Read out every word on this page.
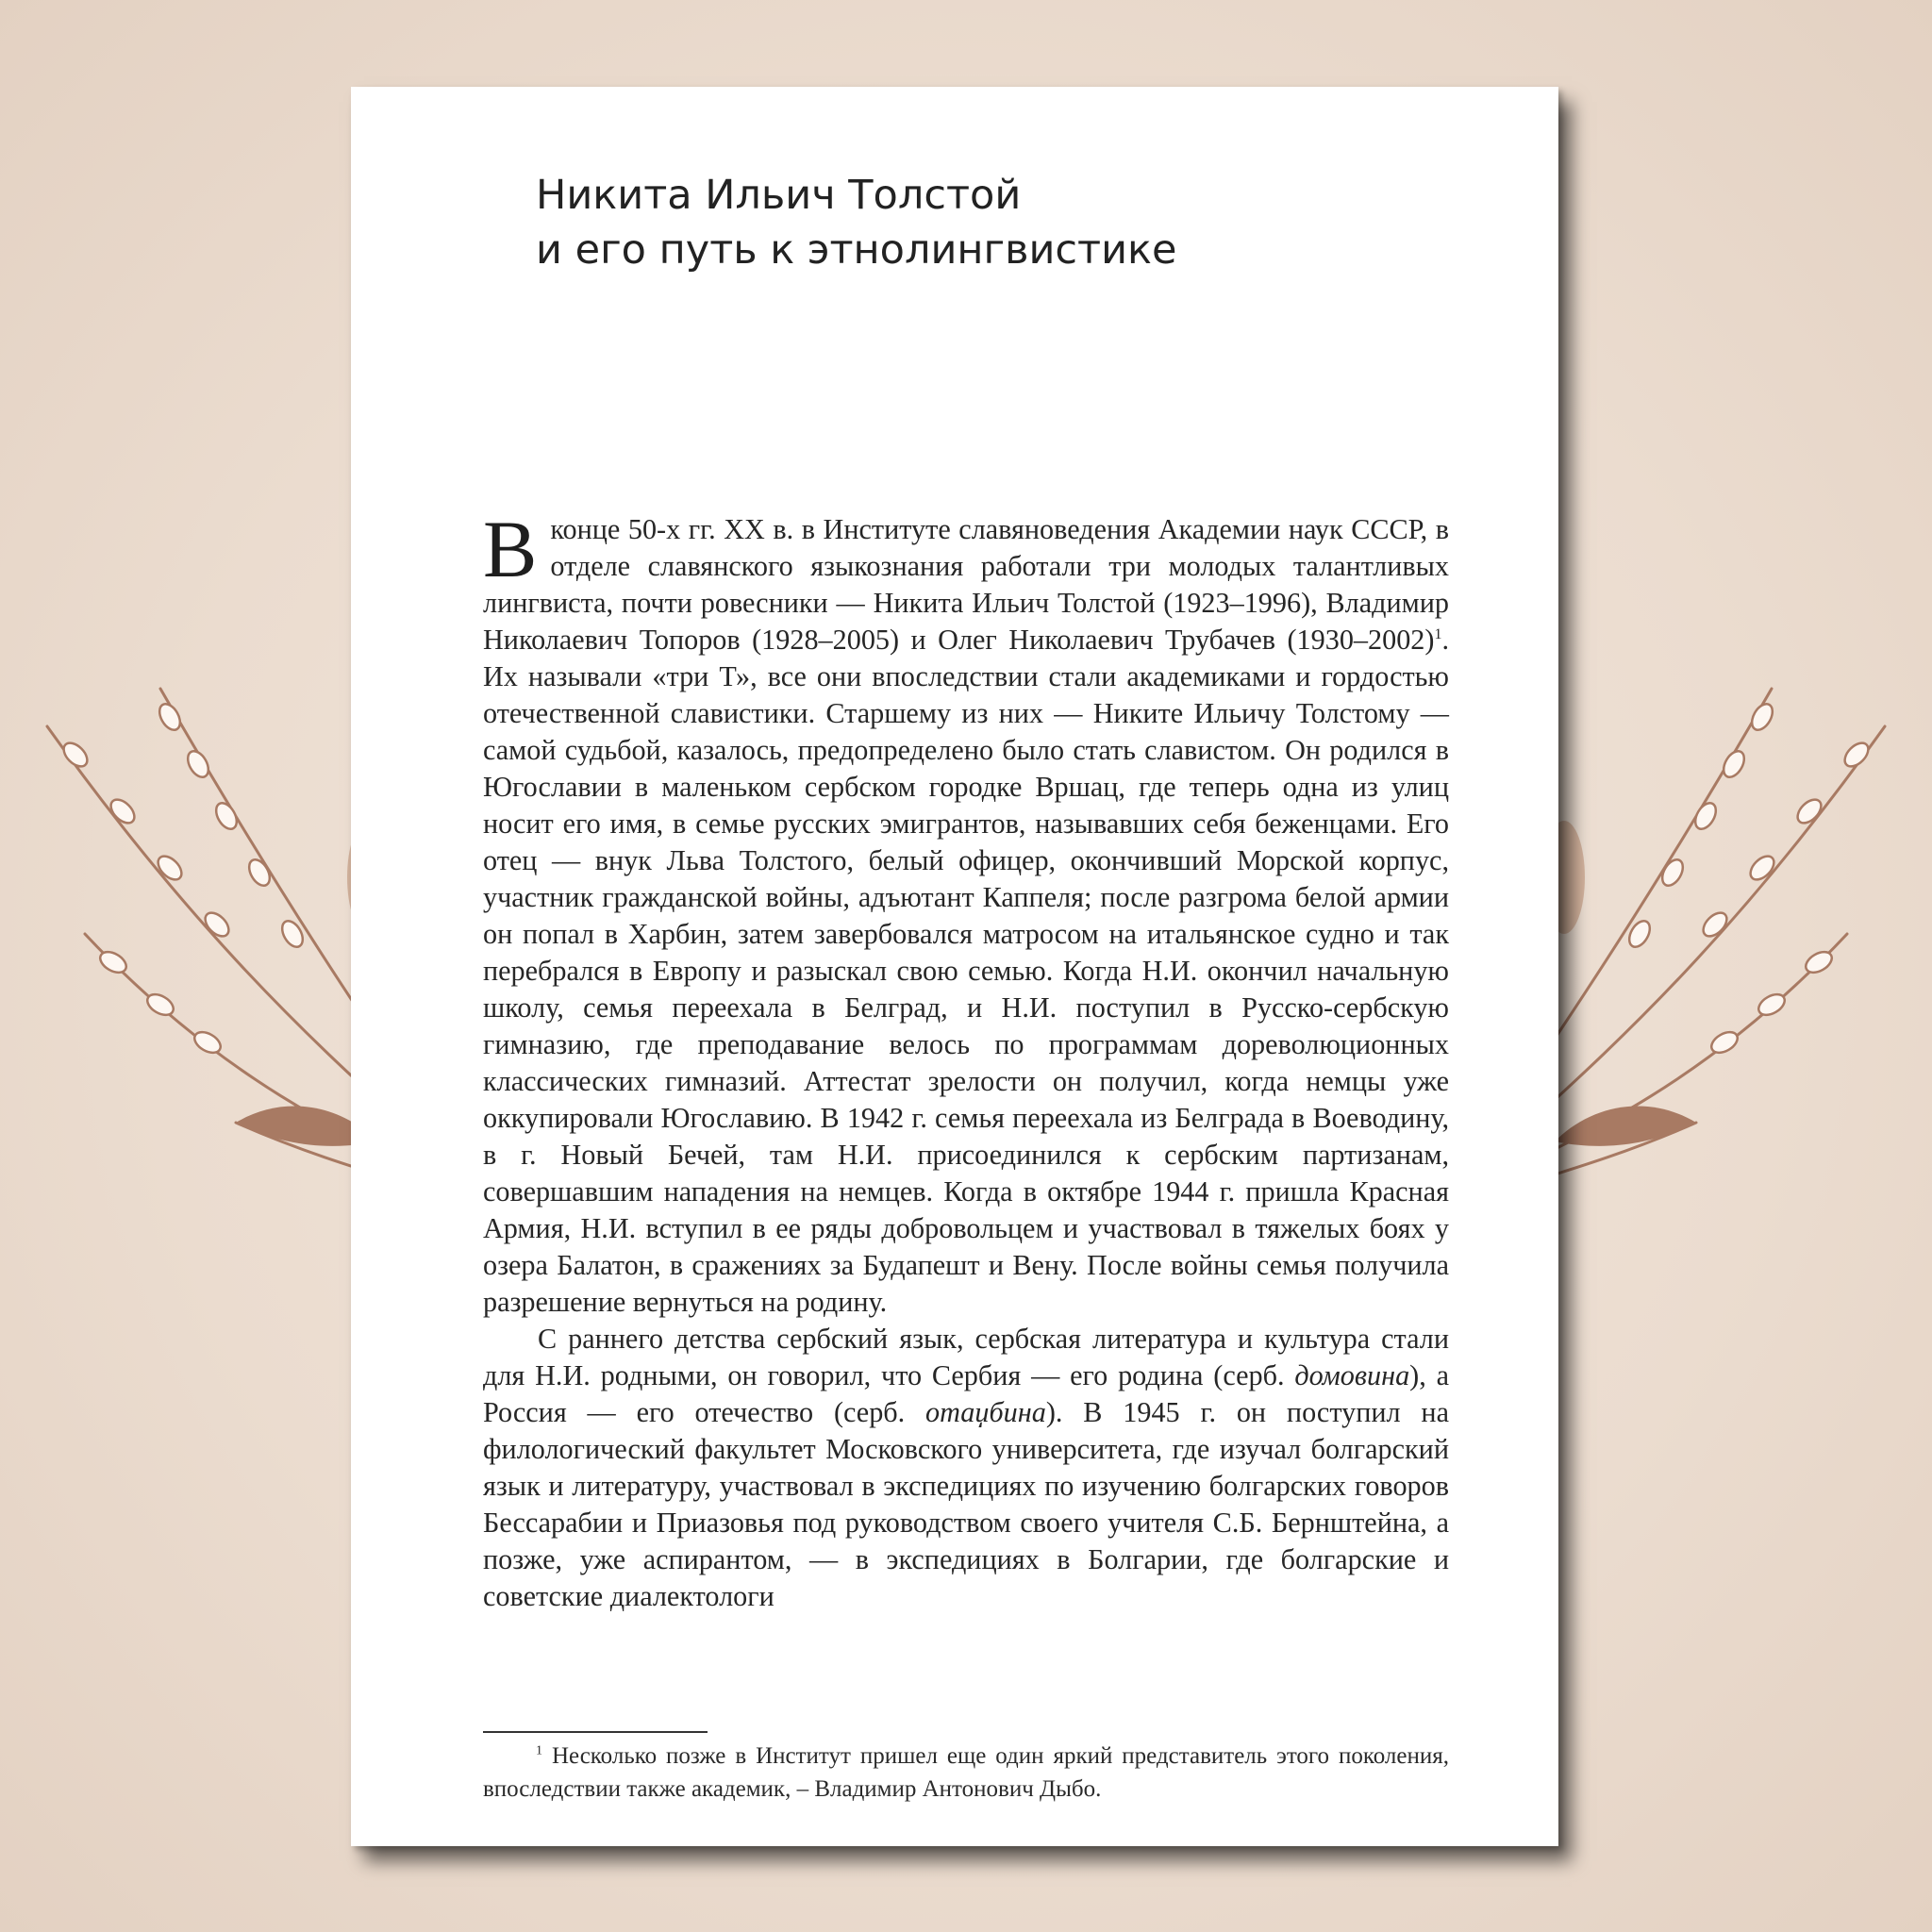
Никита Ильич Толстой
и его путь к этнолингвистике

В конце 50-х гг. XX в. в Институте славяноведения Академии наук СССР, в отделе славянского языкознания работали три молодых талантливых лингвиста, почти ровесники — Никита Ильич Толстой (1923–1996), Владимир Николаевич Топоров (1928–2005) и Олег Николаевич Трубачев (1930–2002)$^1$. Их называли «три Т», все они впоследствии стали академиками и гордостью отечественной славистики. Старшему из них — Никите Ильичу Толстому — самой судьбой, казалось, предопределено было стать славистом. Он родился в Югославии в маленьком сербском городке Вршац, где теперь одна из улиц носит его имя, в семье русских эмигрантов, называвших себя беженцами. Его отец — внук Льва Толстого, белый офицер, окончивший Морской корпус, участник гражданской войны, адъютант Каппеля; после разгрома белой армии он попал в Харбин, затем завербовался матросом на итальянское судно и так перебрался в Европу и разыскал свою семью. Когда Н.И. окончил начальную школу, семья переехала в Белград, и Н.И. поступил в Русско-сербскую гимназию, где преподавание велось по программам дореволюционных классических гимназий. Аттестат зрелости он получил, когда немцы уже оккупировали Югославию. В 1942 г. семья переехала из Белграда в Воеводину, в г. Новый Бечей, там Н.И. присоединился к сербским партизанам, совершавшим нападения на немцев. Когда в октябре 1944 г. пришла Красная Армия, Н.И. вступил в ее ряды добровольцем и участвовал в тяжелых боях у озера Балатон, в сражениях за Будапешт и Вену. После войны семья получила разрешение вернуться на родину.

С раннего детства сербский язык, сербская литература и культура стали для Н.И. родными, он говорил, что Сербия — его родина (серб. домовина), а Россия — его отечество (серб. отаџбина). В 1945 г. он поступил на филологический факультет Московского университета, где изучал болгарский язык и литературу, участвовал в экспедициях по изучению болгарских говоров Бессарабии и Приазовья под руководством своего учителя С.Б. Бернштейна, а позже, уже аспирантом, — в экспедициях в Болгарии, где болгарские и советские диалектологи

$^1$ Несколько позже в Институт пришел еще один яркий представитель этого поколения, впоследствии также академик, – Владимир Антонович Дыбо.
